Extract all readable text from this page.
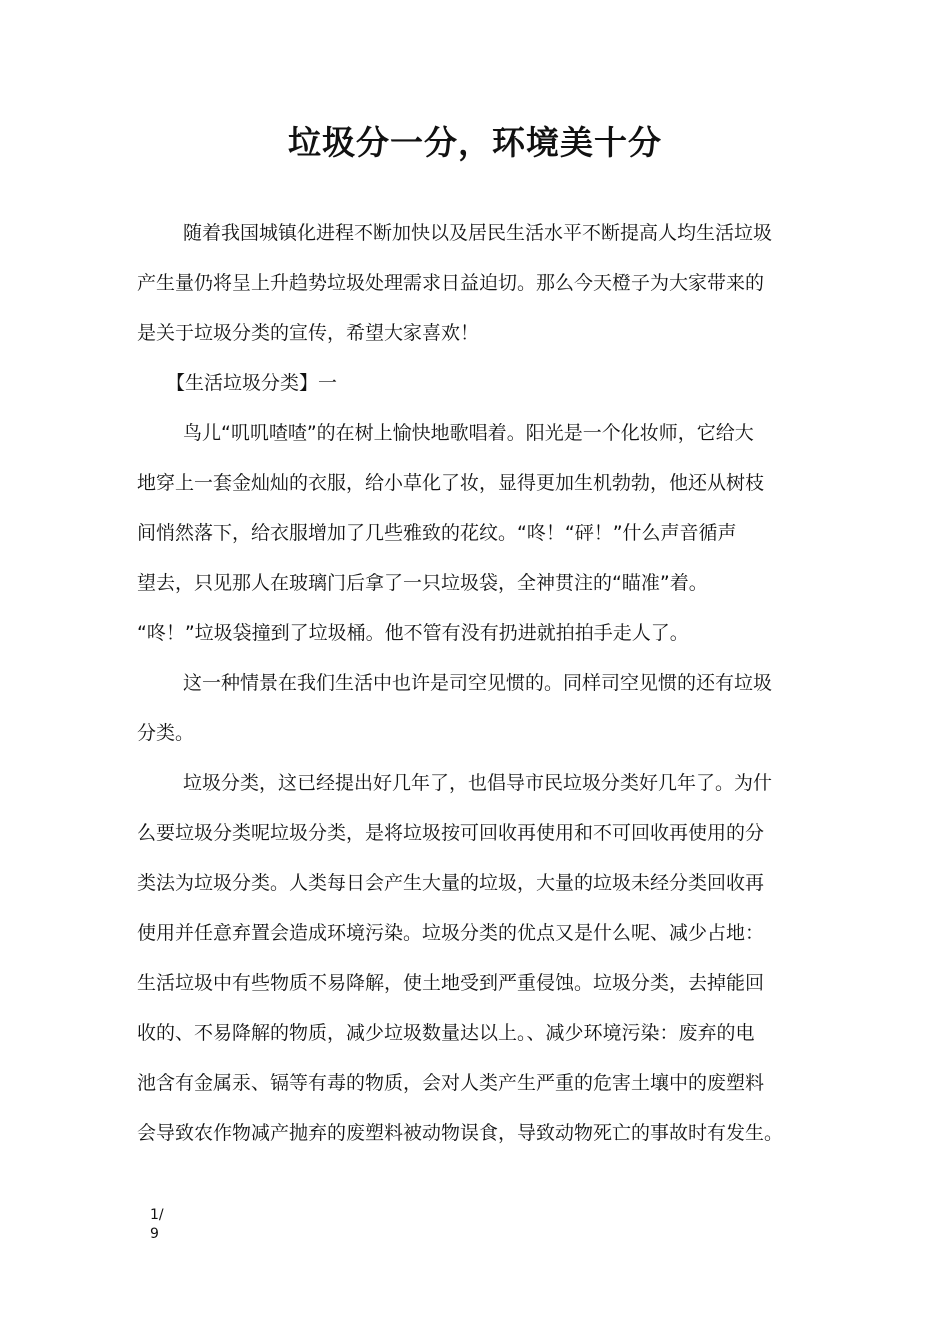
垃圾分一分，环境美十分

随着我国城镇化进程不断加快以及居民生活水平不断提高人均生活垃圾
产生量仍将呈上升趋势垃圾处理需求日益迫切。那么今天橙子为大家带来的
是关于垃圾分类的宣传，希望大家喜欢！

【生活垃圾分类】一

鸟儿“叽叽喳喳”的在树上愉快地歌唱着。阳光是一个化妆师，它给大
地穿上一套金灿灿的衣服，给小草化了妆，显得更加生机勃勃，他还从树枝
间悄然落下，给衣服增加了几些雅致的花纹。“咚！“砰！”什么声音循声
望去，只见那人在玻璃门后拿了一只垃圾袋，全神贯注的“瞄准”着。
“咚！”垃圾袋撞到了垃圾桶。他不管有没有扔进就拍拍手走人了。

这一种情景在我们生活中也许是司空见惯的。同样司空见惯的还有垃圾
分类。

垃圾分类，这已经提出好几年了，也倡导市民垃圾分类好几年了。为什
么要垃圾分类呢垃圾分类，是将垃圾按可回收再使用和不可回收再使用的分
类法为垃圾分类。人类每日会产生大量的垃圾，大量的垃圾未经分类回收再
使用并任意弃置会造成环境污染。垃圾分类的优点又是什么呢、减少占地：
生活垃圾中有些物质不易降解，使土地受到严重侵蚀。垃圾分类，去掉能回
收的、不易降解的物质，减少垃圾数量达以上。、减少环境污染：废弃的电
池含有金属汞、镉等有毒的物质，会对人类产生严重的危害土壤中的废塑料
会导致农作物减产抛弃的废塑料被动物误食，导致动物死亡的事故时有发生。

1/9
